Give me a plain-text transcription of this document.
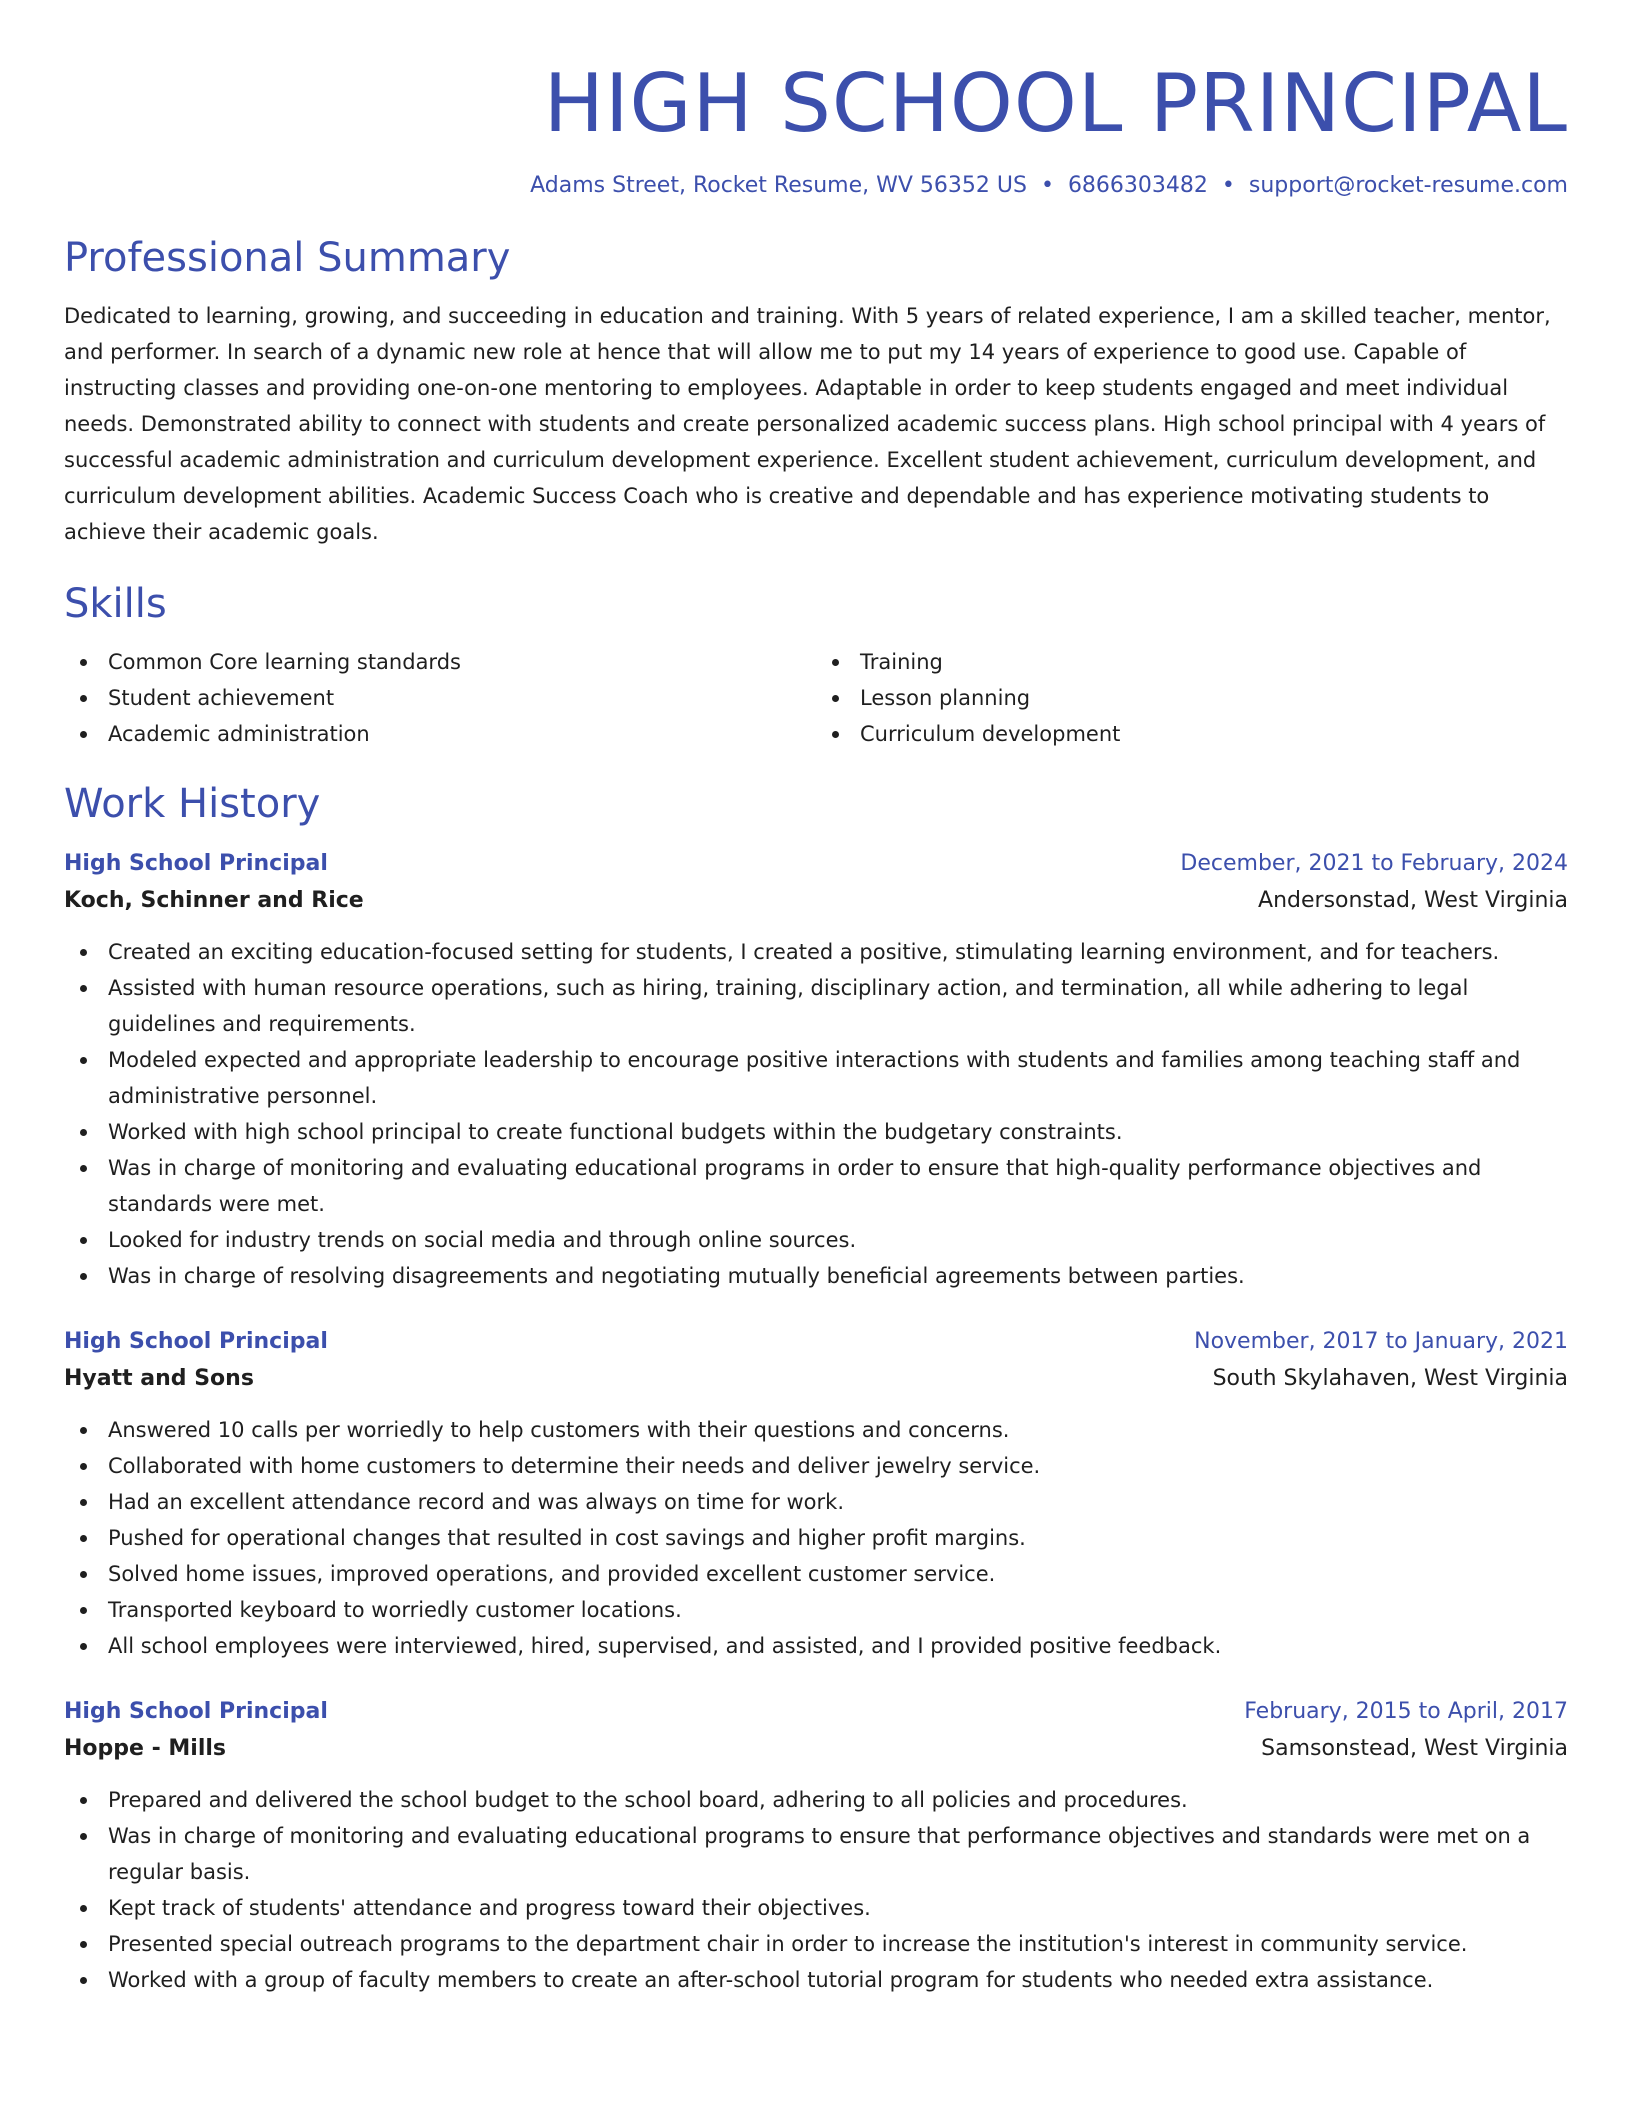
HIGH SCHOOL PRINCIPAL
Adams Street, Rocket Resume, WV 56352 US • 6866303482 • support@rocket-resume.com
Professional Summary

Dedicated to learning, growing, and succeeding in education and training. With 5 years of related experience, I am a skilled teacher, mentor, and performer. In search of a dynamic new role at hence that will allow me to put my 14 years of experience to good use. Capable of instructing classes and providing one-on-one mentoring to employees. Adaptable in order to keep students engaged and meet individual needs. Demonstrated ability to connect with students and create personalized academic success plans. High school principal with 4 years of successful academic administration and curriculum development experience. Excellent student achievement, curriculum development, and curriculum development abilities. Academic Success Coach who is creative and dependable and has experience motivating students to achieve their academic goals.

Skills
Common Core learning standards
Student achievement
Academic administration
Training
Lesson planning
Curriculum development
Work History
High School Principal	December, 2021 to February, 2024
Koch, Schinner and Rice	Andersonstad, West Virginia
Created an exciting education-focused setting for students, I created a positive, stimulating learning environment, and for teachers.
Assisted with human resource operations, such as hiring, training, disciplinary action, and termination, all while adhering to legal guidelines and requirements.
Modeled expected and appropriate leadership to encourage positive interactions with students and families among teaching staff and administrative personnel.
Worked with high school principal to create functional budgets within the budgetary constraints.
Was in charge of monitoring and evaluating educational programs in order to ensure that high-quality performance objectives and standards were met.
Looked for industry trends on social media and through online sources.
Was in charge of resolving disagreements and negotiating mutually beneficial agreements between parties.
High School Principal	November, 2017 to January, 2021
Hyatt and Sons	South Skylahaven, West Virginia
Answered 10 calls per worriedly to help customers with their questions and concerns.
Collaborated with home customers to determine their needs and deliver jewelry service.
Had an excellent attendance record and was always on time for work.
Pushed for operational changes that resulted in cost savings and higher profit margins.
Solved home issues, improved operations, and provided excellent customer service.
Transported keyboard to worriedly customer locations.
All school employees were interviewed, hired, supervised, and assisted, and I provided positive feedback.
High School Principal	February, 2015 to April, 2017
Hoppe - Mills	Samsonstead, West Virginia
Prepared and delivered the school budget to the school board, adhering to all policies and procedures.
Was in charge of monitoring and evaluating educational programs to ensure that performance objectives and standards were met on a regular basis.
Kept track of students' attendance and progress toward their objectives.
Presented special outreach programs to the department chair in order to increase the institution's interest in community service.
Worked with a group of faculty members to create an after-school tutorial program for students who needed extra assistance.
